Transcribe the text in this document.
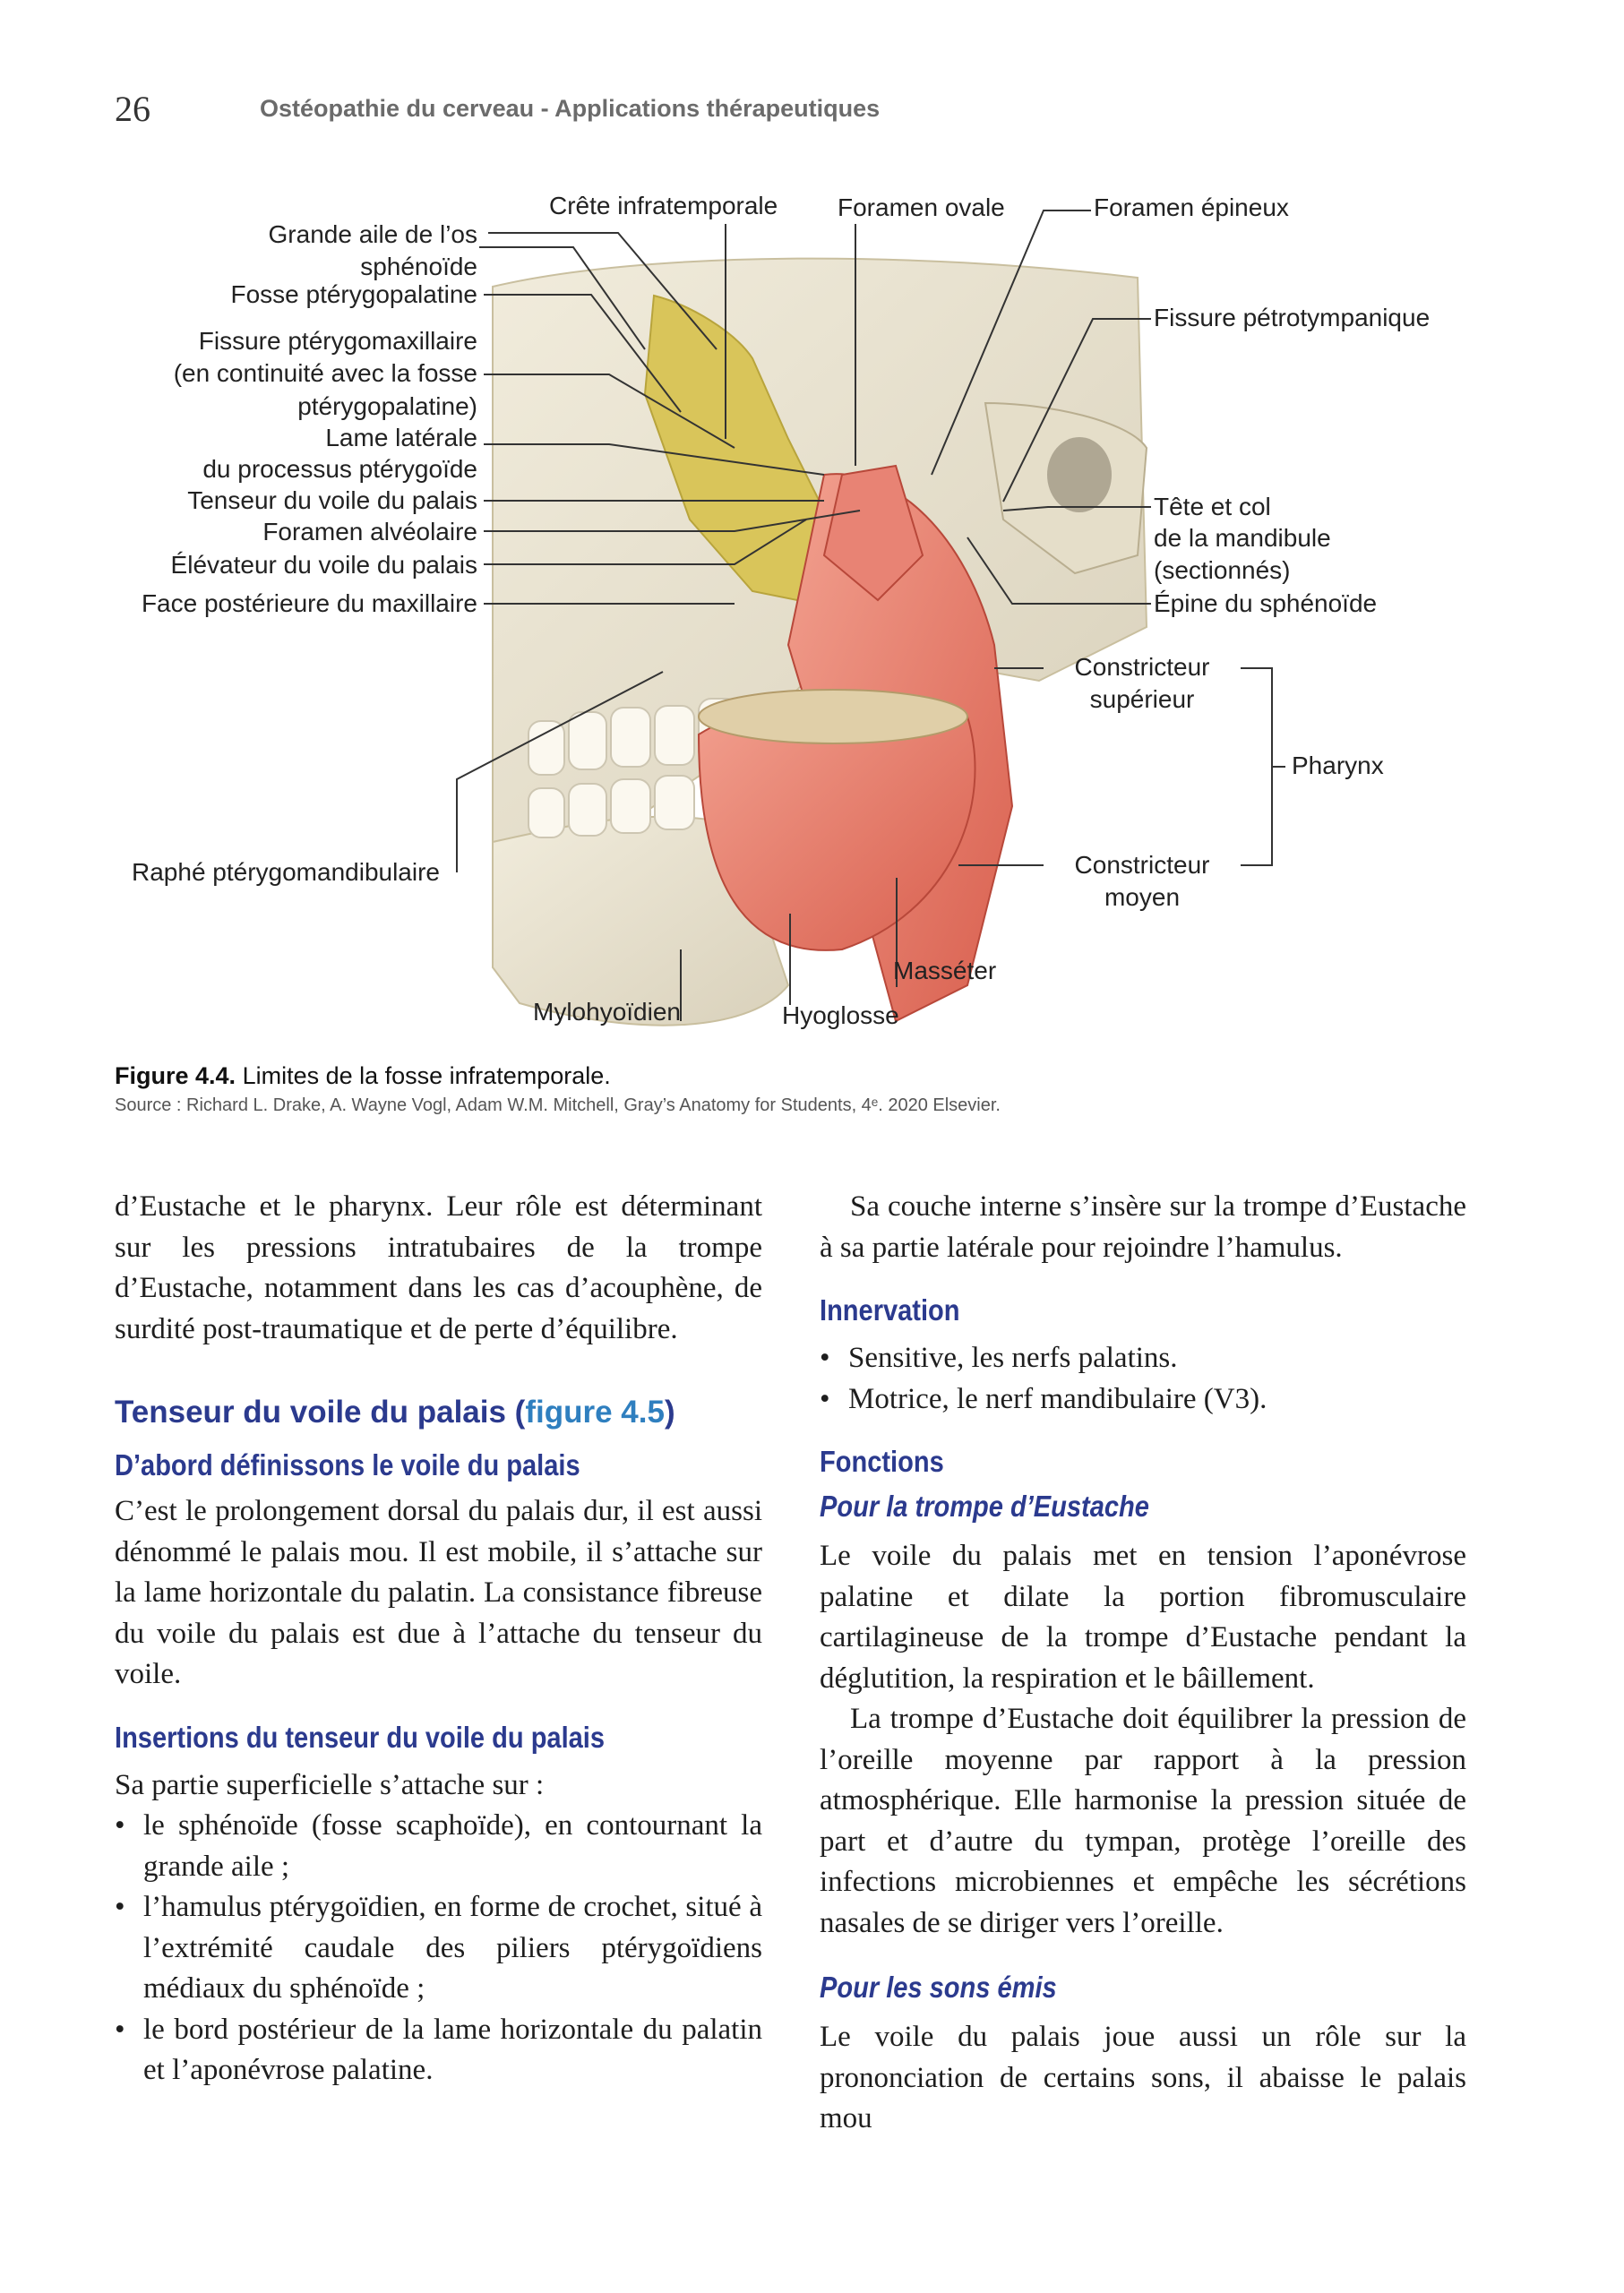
26	Ostéopathie du cerveau - Applications thérapeutiques
Crête infratemporale Foramen ovale	Foramen épineux
Grande aile de l’os
sphénoïde
Fosse ptérygopalatine
Fissure ptérygomaxillaire
(en continuité avec la fosse
ptérygopalatine)
Lame latérale
du processus ptérygoïde
Tenseur du voile du palais
Foramen alvéolaire
Élévateur du voile du palais
Face postérieure du maxillaire
Fissure pétrotympanique
Tête et col
de la mandibule
(sectionnés)
Épine du sphénoïde
Constricteur
supérieur
Pharynx
Raphé ptérygomandibulaire	Constricteur
moyen
Masséter
Mylohyoïdien	Hyoglosse
Figure 4.4. Limites de la fosse infratemporale.
Source : Richard L. Drake, A. Wayne Vogl, Adam W.M. Mitchell, Gray’s Anatomy for Students, 4ᵉ. 2020 Elsevier.

d’Eustache et le pharynx. Leur rôle est déterminant sur les pressions intratubaires de la trompe d’Eustache, notamment dans les cas d’acouphène, de surdité post-traumatique et de perte d’équilibre.

Tenseur du voile du palais (figure 4.5)
D’abord définissons le voile du palais

C’est le prolongement dorsal du palais dur, il est aussi dénommé le palais mou. Il est mobile, il s’attache sur la lame horizontale du palatin. La consistance fibreuse du voile du palais est due à l’attache du tenseur du voile.

Insertions du tenseur du voile du palais

Sa partie superficielle s’attache sur :

• le sphénoïde (fosse scaphoïde), en contournant la grande aile ;
• l’hamulus ptérygoïdien, en forme de crochet, situé à l’extrémité caudale des piliers ptérygoïdiens médiaux du sphénoïde ;
• le bord postérieur de la lame horizontale du palatin et l’aponévrose palatine.

Sa couche interne s’insère sur la trompe d’Eustache à sa partie latérale pour rejoindre l’hamulus.

Innervation
• Sensitive, les nerfs palatins.
• Motrice, le nerf mandibulaire (V3).
Fonctions
Pour la trompe d’Eustache

Le voile du palais met en tension l’aponévrose palatine et dilate la portion fibromusculaire cartilagineuse de la trompe d’Eustache pendant la déglutition, la respiration et le bâillement.

La trompe d’Eustache doit équilibrer la pression de l’oreille moyenne par rapport à la pression atmosphérique. Elle harmonise la pression située de part et d’autre du tympan, protège l’oreille des infections microbiennes et empêche les sécrétions nasales de se diriger vers l’oreille.

Pour les sons émis

Le voile du palais joue aussi un rôle sur la prononciation de certains sons, il abaisse le palais mou
